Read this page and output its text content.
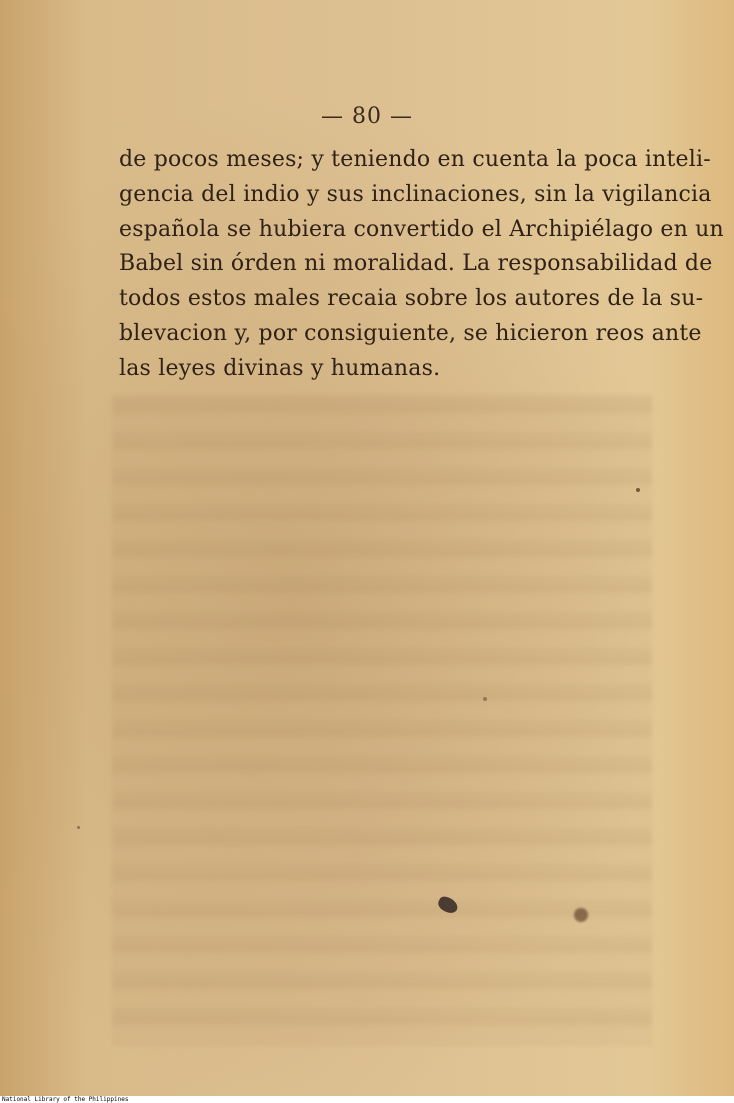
— 80 —
de pocos meses; y teniendo en cuenta la poca inteli-
gencia del indio y sus inclinaciones, sin la vigilancia
española se hubiera convertido el Archipiélago en un
Babel sin órden ni moralidad. La responsabilidad de
todos estos males recaia sobre los autores de la su-
blevacion y, por consiguiente, se hicieron reos ante
las leyes divinas y humanas.
National Library of the Philippines
